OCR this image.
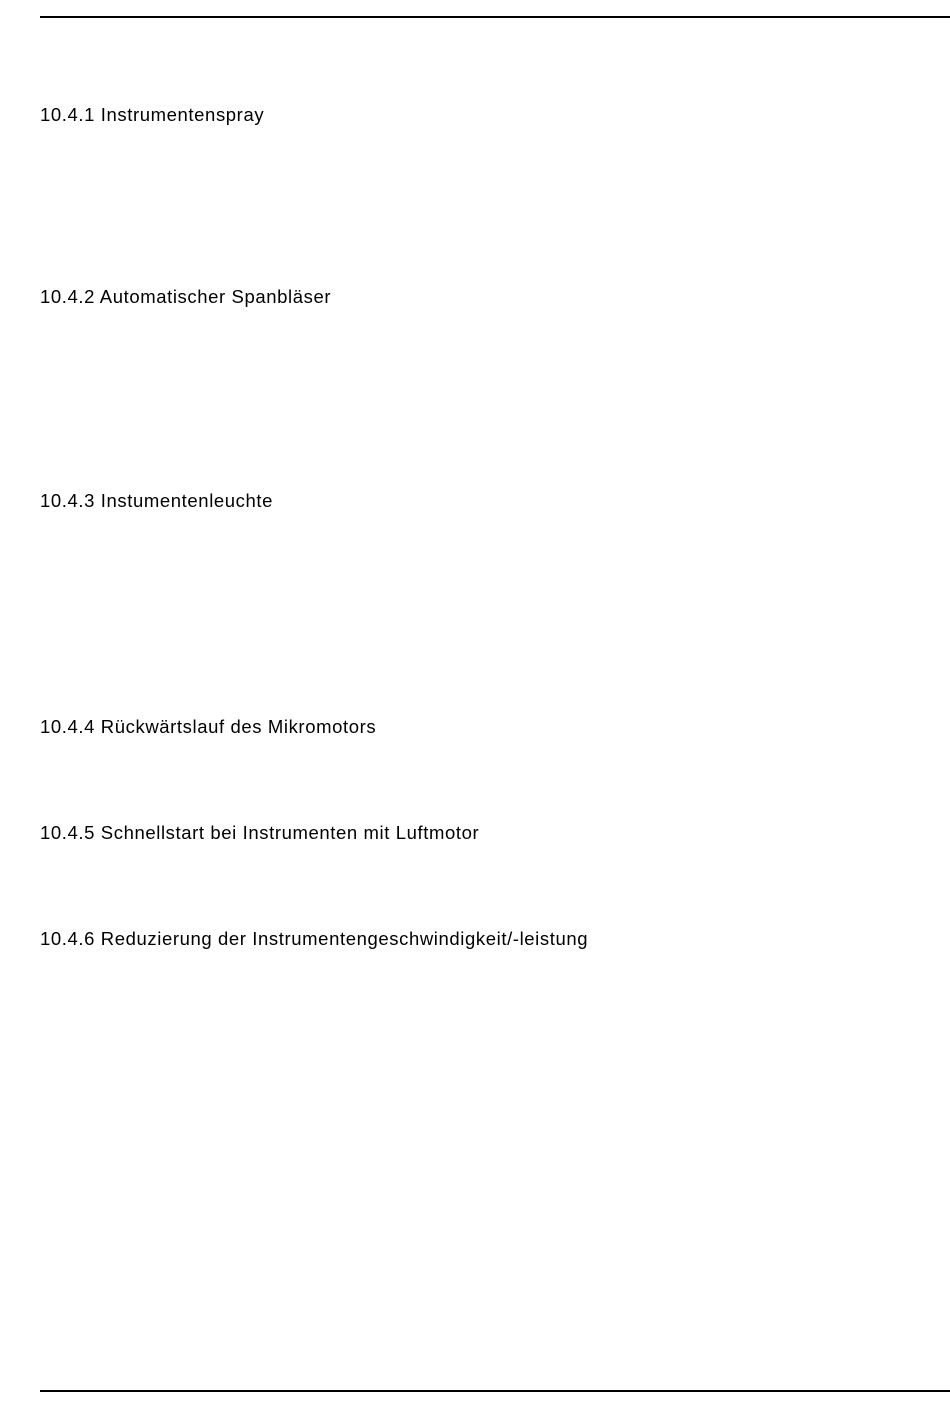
10.4.1 Instrumentenspray
10.4.2 Automatischer Spanbläser
10.4.3 Instumentenleuchte
10.4.4 Rückwärtslauf des Mikromotors
10.4.5 Schnellstart bei Instrumenten mit Luftmotor
10.4.6 Reduzierung der Instrumentengeschwindigkeit/-leistung
